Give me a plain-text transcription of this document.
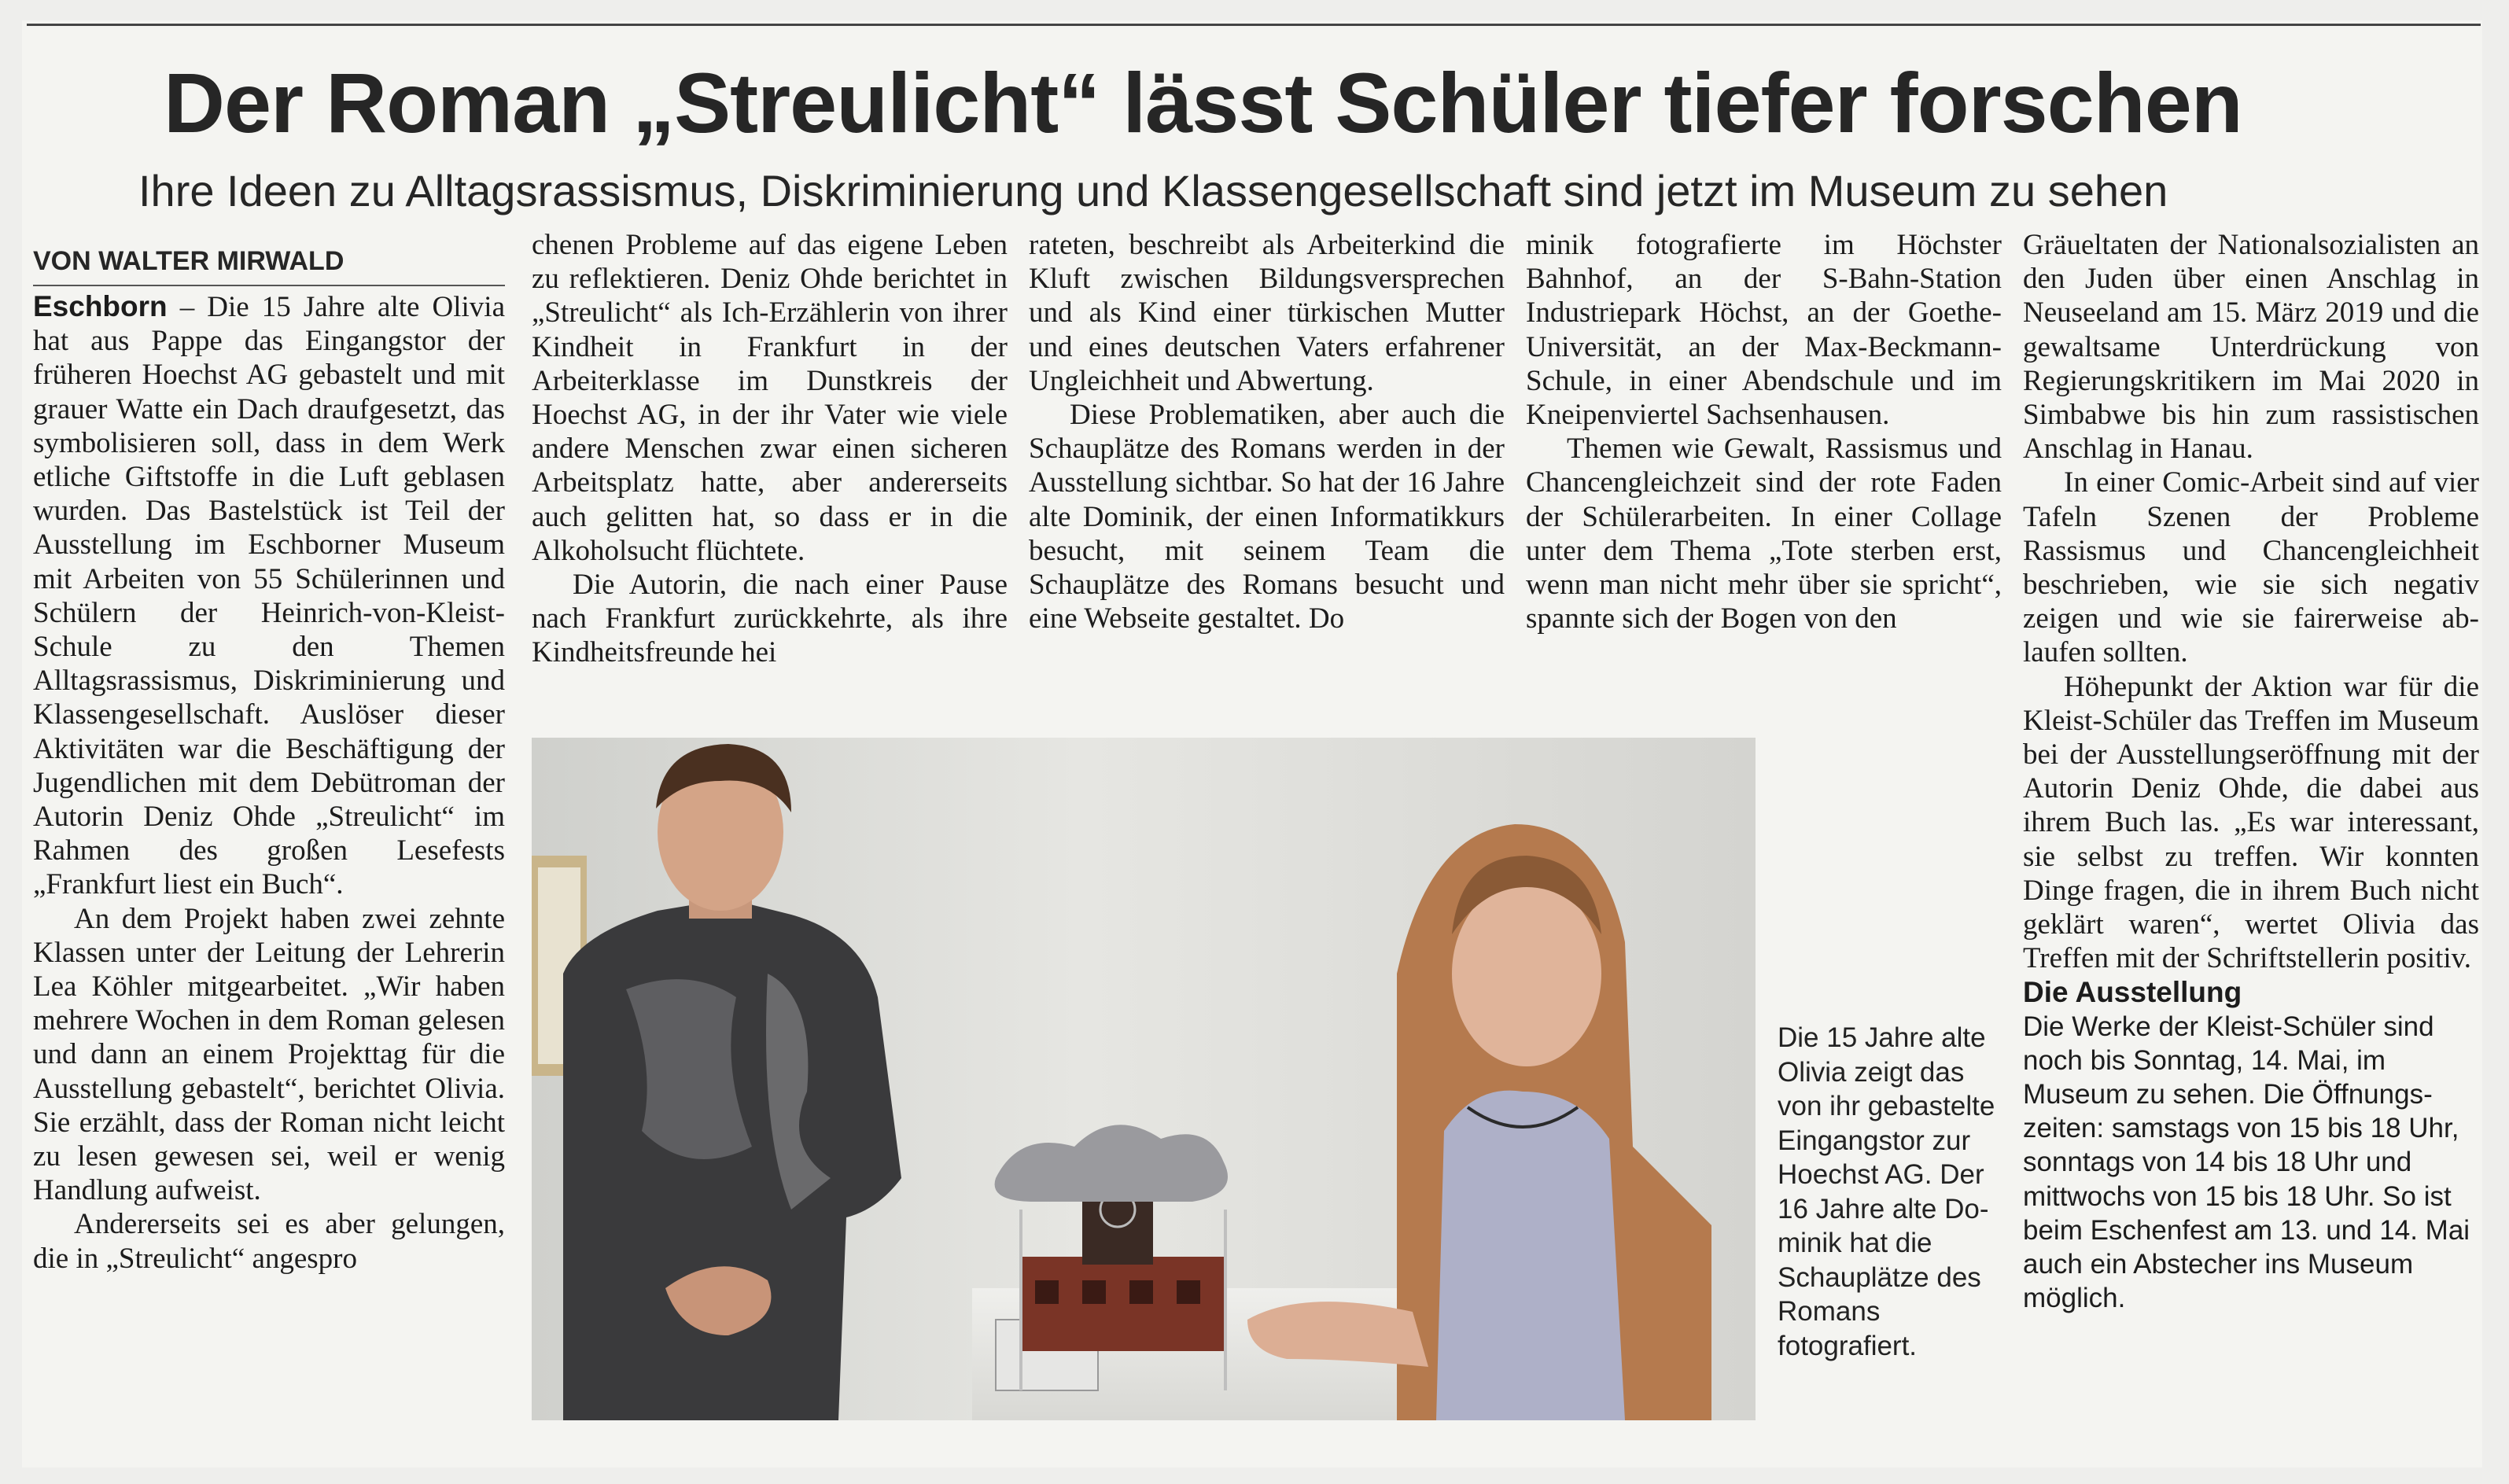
Der Roman „Streulicht“ lässt Schüler tiefer forschen
Ihre Ideen zu Alltagsrassismus, Diskriminierung und Klassengesellschaft sind jetzt im Museum zu sehen
VON WALTER MIRWALD

Eschborn – Die 15 Jahre alte Olivia hat aus Pappe das Eingangstor der früheren Hoechst AG gebastelt und mit grauer Watte ein Dach draufgesetzt, das symbolisieren soll, dass in dem Werk etliche Giftstoffe in die Luft geblasen wurden. Das Bastelstück ist Teil der Ausstellung im Eschborner Museum mit Arbeiten von 55 Schülerinnen und Schülern der Heinrich-von-Kleist-Schule zu den Themen Alltagsrassismus, Diskriminierung und Klassengesellschaft. Auslöser dieser Aktivitäten war die Beschäftigung der Jugendlichen mit dem Debütroman der Autorin Deniz Ohde „Streulicht“ im Rahmen des großen Lesefests „Frankfurt liest ein Buch“.

An dem Projekt haben zwei zehnte Klassen unter der Leitung der Lehrerin Lea Köhler mitgearbeitet. „Wir haben mehrere Wochen in dem Roman gelesen und dann an einem Projekttag für die Ausstellung gebastelt“, berichtet Olivia. Sie erzählt, dass der Roman nicht leicht zu lesen gewesen sei, weil er wenig Handlung aufweist.

Andererseits sei es aber gelungen, die in „Streulicht“ angespro

chenen Probleme auf das eigene Leben zu reflektieren. Deniz Ohde berichtet in „Streulicht“ als Ich-Erzählerin von ihrer Kindheit in Frankfurt in der Arbeiterklasse im Dunstkreis der Hoechst AG, in der ihr Vater wie viele andere Menschen zwar einen sicheren Arbeitsplatz hatte, aber andererseits auch gelitten hat, so dass er in die Alkoholsucht flüchtete.

Die Autorin, die nach einer Pause nach Frankfurt zurückkehrte, als ihre Kindheitsfreunde hei

rateten, beschreibt als Arbeiterkind die Kluft zwischen Bildungsversprechen und als Kind einer türkischen Mutter und eines deutschen Vaters erfahrener Ungleichheit und Abwertung.

Diese Problematiken, aber auch die Schauplätze des Romans werden in der Ausstellung sichtbar. So hat der 16 Jahre alte Dominik, der einen Informatikkurs besucht, mit seinem Team die Schauplätze des Romans besucht und eine Webseite gestaltet. Do

minik fotografierte im Höchster Bahnhof, an der S-Bahn-Station Industriepark Höchst, an der Goethe-Universität, an der Max-Beckmann-Schule, in einer Abendschule und im Kneipenviertel Sachsenhausen.

Themen wie Gewalt, Rassismus und Chancengleichzeit sind der rote Faden der Schülerarbeiten. In einer Collage unter dem Thema „Tote sterben erst, wenn man nicht mehr über sie spricht“, spannte sich der Bogen von den

Gräueltaten der Nationalsozialisten an den Juden über einen Anschlag in Neuseeland am 15. März 2019 und die gewaltsame Unterdrückung von Regierungskritikern im Mai 2020 in Simbabwe bis hin zum rassistischen Anschlag in Hanau.

In einer Comic-Arbeit sind auf vier Tafeln Szenen der Probleme Rassismus und Chancengleichheit beschrieben, wie sie sich negativ zeigen und wie sie fairerweise ablaufen sollten.

Höhepunkt der Aktion war für die Kleist-Schüler das Treffen im Museum bei der Ausstellungseröffnung mit der Autorin Deniz Ohde, die dabei aus ihrem Buch las. „Es war interessant, sie selbst zu treffen. Wir konnten Dinge fragen, die in ihrem Buch nicht geklärt waren“, wertet Olivia das Treffen mit der Schriftstellerin positiv.

Die Ausstellung

Die Werke der Kleist-Schüler sind noch bis Sonntag, 14. Mai, im Museum zu sehen. Die Öffnungszeiten: samstags von 15 bis 18 Uhr, sonntags von 14 bis 18 Uhr und mittwochs von 15 bis 18 Uhr. So ist beim Eschenfest am 13. und 14. Mai auch ein Abstecher ins Museum möglich.

Die 15 Jahre alte Olivia zeigt das von ihr gebastelte Eingangstor zur Hoechst AG. Der 16 Jahre alte Dominik hat die Schauplätze des Romans fotografiert.
